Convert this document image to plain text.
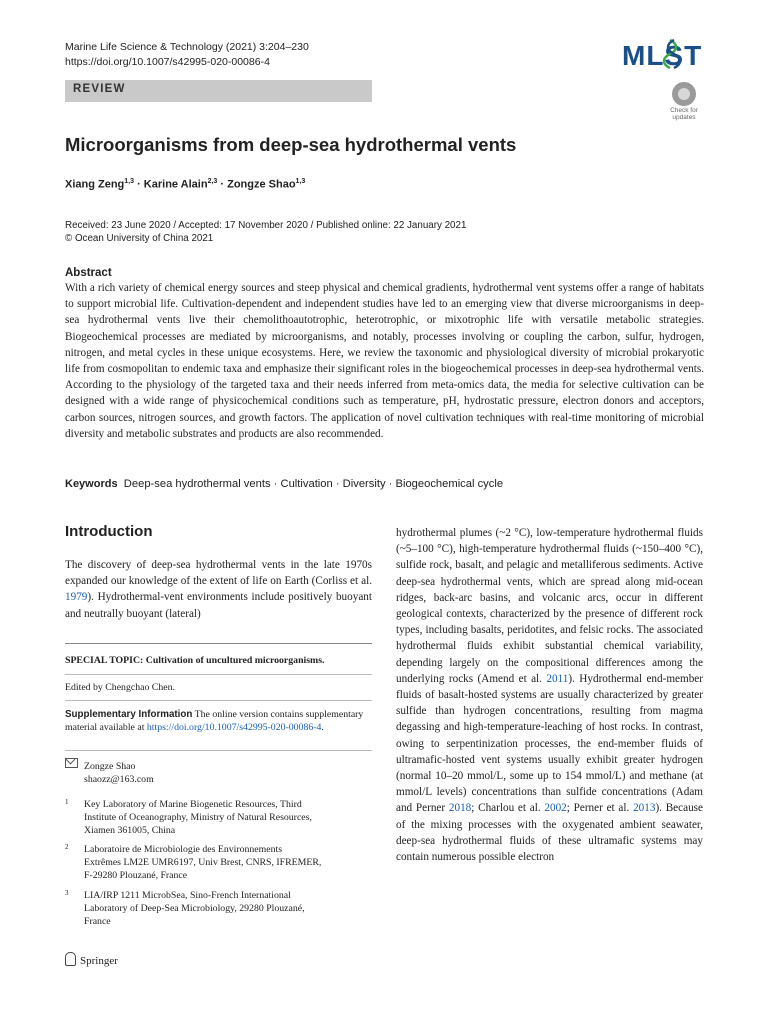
Marine Life Science & Technology (2021) 3:204–230
https://doi.org/10.1007/s42995-020-00086-4	MLST
REVIEW
Check for
updates
Microorganisms from deep-sea hydrothermal vents
Xiang Zeng$^{1,3}$ · Karine Alain$^{2,3}$ · Zongze Shao$^{1,3}$
Received: 23 June 2020 / Accepted: 17 November 2020 / Published online: 22 January 2021
© Ocean University of China 2021
Abstract
With a rich variety of chemical energy sources and steep physical and chemical gradients, hydrothermal vent systems offer a range of habitats to support microbial life. Cultivation-dependent and independent studies have led to an emerging view that diverse microorganisms in deep-sea hydrothermal vents live their chemolithoautotrophic, heterotrophic, or mixotrophic life with versatile metabolic strategies. Biogeochemical processes are mediated by microorganisms, and notably, processes involving or coupling the carbon, sulfur, hydrogen, nitrogen, and metal cycles in these unique ecosystems. Here, we review the taxonomic and physiological diversity of microbial prokaryotic life from cosmopolitan to endemic taxa and emphasize their significant roles in the biogeochemical processes in deep-sea hydrothermal vents. According to the physiology of the targeted taxa and their needs inferred from meta-omics data, the media for selective cultivation can be designed with a wide range of physicochemical conditions such as temperature, pH, hydrostatic pressure, electron donors and acceptors, carbon sources, nitrogen sources, and growth factors. The application of novel cultivation techniques with real-time monitoring of microbial diversity and metabolic substrates and products are also recommended.
Keywords Deep-sea hydrothermal vents · Cultivation · Diversity · Biogeochemical cycle
Introduction
The discovery of deep-sea hydrothermal vents in the late 1970s expanded our knowledge of the extent of life on Earth (Corliss et al. 1979). Hydrothermal-vent environments include positively buoyant and neutrally buoyant (lateral)
SPECIAL TOPIC: Cultivation of uncultured microorganisms.
Edited by Chengchao Chen.
Supplementary Information The online version contains supplementary material available at https://doi.org/10.1007/s42995-020-00086-4.
Zongze Shao
shaozz@163.com
1 Key Laboratory of Marine Biogenetic Resources, Third
Institute of Oceanography, Ministry of Natural Resources,
Xiamen 361005, China
2 Laboratoire de Microbiologie des Environnements
Extrêmes LM2E UMR6197, Univ Brest, CNRS, IFREMER,
F-29280 Plouzané, France
3 LIA/IRP 1211 MicrobSea, Sino-French International
Laboratory of Deep-Sea Microbiology, 29280 Plouzané,
France
Springer
hydrothermal plumes (~2 °C), low-temperature hydrothermal fluids (~5–100 °C), high-temperature hydrothermal fluids (~150–400 °C), sulfide rock, basalt, and pelagic and metalliferous sediments. Active deep-sea hydrothermal vents, which are spread along mid-ocean ridges, back-arc basins, and volcanic arcs, occur in different geological contexts, characterized by the presence of different rock types, including basalts, peridotites, and felsic rocks. The associated hydrothermal fluids exhibit substantial chemical variability, depending largely on the compositional differences among the underlying rocks (Amend et al. 2011). Hydrothermal end-member fluids of basalt-hosted systems are usually characterized by greater sulfide than hydrogen concentrations, resulting from magma degassing and high-temperature-leaching of host rocks. In contrast, owing to serpentinization processes, the end-member fluids of ultramafic-hosted vent systems usually exhibit greater hydrogen (normal 10–20 mmol/L, some up to 154 mmol/L) and methane (at mmol/L levels) concentrations than sulfide concentrations (Adam and Perner 2018; Charlou et al. 2002; Perner et al. 2013). Because of the mixing processes with the oxygenated ambient seawater, deep-sea hydrothermal fluids of these ultramafic systems may contain numerous possible electron
